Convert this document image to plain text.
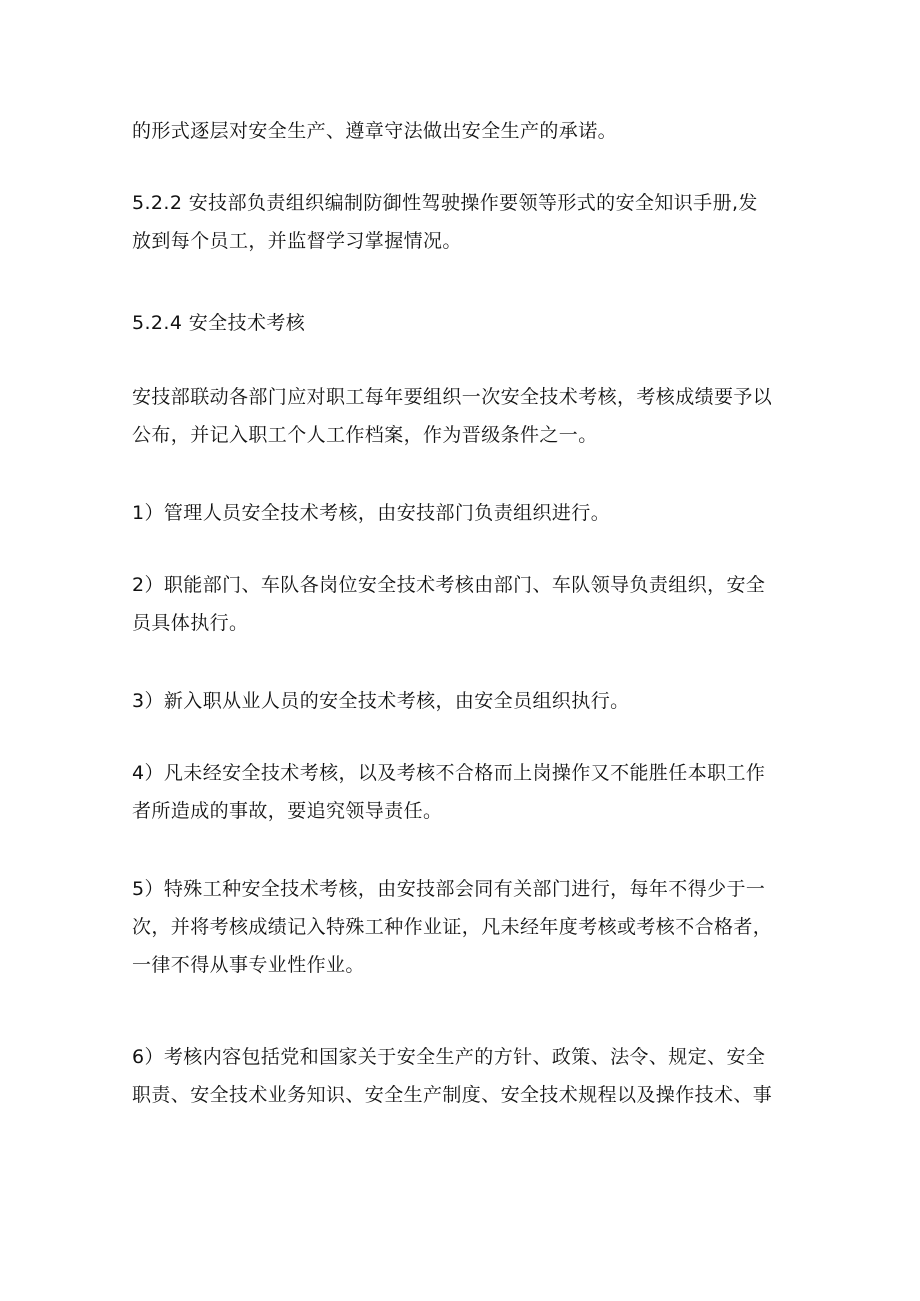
的形式逐层对安全生产、遵章守法做出安全生产的承诺。

5.2.2 安技部负责组织编制防御性驾驶操作要领等形式的安全知识手册,发
放到每个员工，并监督学习掌握情况。

5.2.4 安全技术考核

安技部联动各部门应对职工每年要组织一次安全技术考核，考核成绩要予以
公布，并记入职工个人工作档案，作为晋级条件之一。

1）管理人员安全技术考核，由安技部门负责组织进行。

2）职能部门、车队各岗位安全技术考核由部门、车队领导负责组织，安全
员具体执行。

3）新入职从业人员的安全技术考核，由安全员组织执行。

4）凡未经安全技术考核，以及考核不合格而上岗操作又不能胜任本职工作
者所造成的事故，要追究领导责任。

5）特殊工种安全技术考核，由安技部会同有关部门进行，每年不得少于一
次，并将考核成绩记入特殊工种作业证，凡未经年度考核或考核不合格者，
一律不得从事专业性作业。

6）考核内容包括党和国家关于安全生产的方针、政策、法令、规定、安全
职责、安全技术业务知识、安全生产制度、安全技术规程以及操作技术、事
